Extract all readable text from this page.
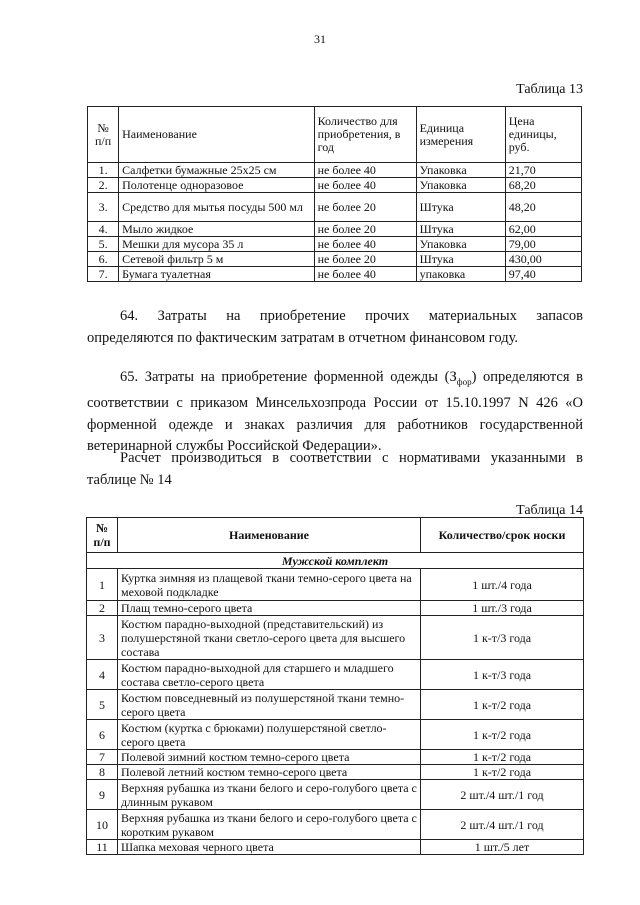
31
Таблица 13
№ п/п	Наименование	Количество для приобретения, в год	Единица измерения	Цена единицы, руб.
1.	Салфетки бумажные 25х25 см	не более 40	Упаковка	21,70
2.	Полотенце одноразовое	не более 40	Упаковка	68,20
3.	Средство для мытья посуды 500 мл	не более 20	Штука	48,20
4.	Мыло жидкое	не более 20	Штука	62,00
5.	Мешки для мусора 35 л	не более 40	Упаковка	79,00
6.	Сетевой фильтр 5 м	не более 20	Штука	430,00
7.	Бумага туалетная	не более 40	упаковка	97,40

64. Затраты на приобретение прочих материальных запасов определяются по фактическим затратам в отчетном финансовом году.

65. Затраты на приобретение форменной одежды $(З_{фор})$ определяются в соответствии с приказом Минсельхозпрода России от 15.10.1997 N 426 «О форменной одежде и знаках различия для работников государственной ветеринарной службы Российской Федерации».

Расчет производиться в соответствии с нормативами указанными в таблице № 14

Таблица 14
№ п/п	Наименование	Количество/срок носки
Мужской комплект		
1	Куртка зимняя из плащевой ткани темно-серого цвета на меховой подкладке	1 шт./4 года
2	Плащ темно-серого цвета	1 шт./3 года
3	Костюм парадно-выходной (представительский) из полушерстяной ткани светло-серого цвета для высшего состава	1 к-т/3 года
4	Костюм парадно-выходной для старшего и младшего состава светло-серого цвета	1 к-т/3 года
5	Костюм повседневный из полушерстяной ткани темно-серого цвета	1 к-т/2 года
6	Костюм (куртка с брюками) полушерстяной светло-серого цвета	1 к-т/2 года
7	Полевой зимний костюм темно-серого цвета	1 к-т/2 года
8	Полевой летний костюм темно-серого цвета	1 к-т/2 года
9	Верхняя рубашка из ткани белого и серо-голубого цвета с длинным рукавом	2 шт./4 шт./1 год
10	Верхняя рубашка из ткани белого и серо-голубого цвета с коротким рукавом	2 шт./4 шт./1 год
11	Шапка меховая черного цвета	1 шт./5 лет
